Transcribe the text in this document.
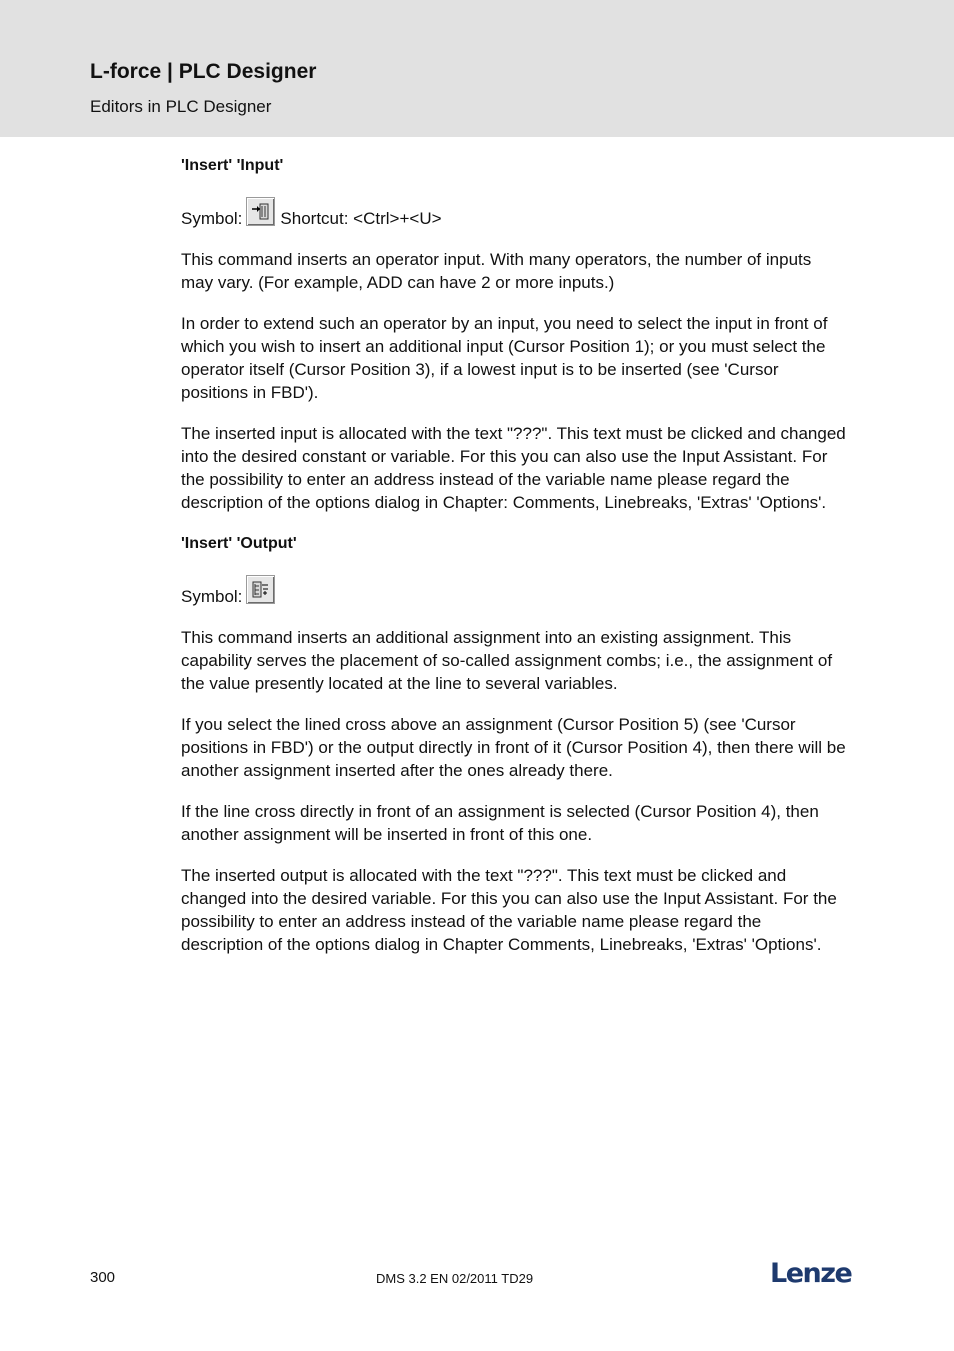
L-force | PLC Designer
Editors in PLC Designer
'Insert' 'Input'
Symbol: Shortcut: <Ctrl>+<U>

This command inserts an operator input. With many operators, the number of inputs may vary. (For example, ADD can have 2 or more inputs.)

In order to extend such an operator by an input, you need to select the input in front of which you wish to insert an additional input (Cursor Position 1); or you must select the operator itself (Cursor Position 3), if a lowest input is to be inserted (see 'Cursor positions in FBD').

The inserted input is allocated with the text "???". This text must be clicked and changed into the desired constant or variable. For this you can also use the Input Assistant. For the possibility to enter an address instead of the variable name please regard the description of the options dialog in Chapter: Comments, Linebreaks, 'Extras' 'Options'.

'Insert' 'Output'
Symbol:

This command inserts an additional assignment into an existing assignment. This capability serves the placement of so-called assignment combs; i.e., the assignment of the value presently located at the line to several variables.

If you select the lined cross above an assignment (Cursor Position 5) (see 'Cursor positions in FBD') or the output directly in front of it (Cursor Position 4), then there will be another assignment inserted after the ones already there.

If the line cross directly in front of an assignment is selected (Cursor Position 4), then another assignment will be inserted in front of this one.

The inserted output is allocated with the text "???". This text must be clicked and changed into the desired variable. For this you can also use the Input Assistant. For the possibility to enter an address instead of the variable name please regard the description of the options dialog in Chapter Comments, Linebreaks, 'Extras' 'Options'.

300	DMS 3.2 EN 02/2011 TD29	Lenze
